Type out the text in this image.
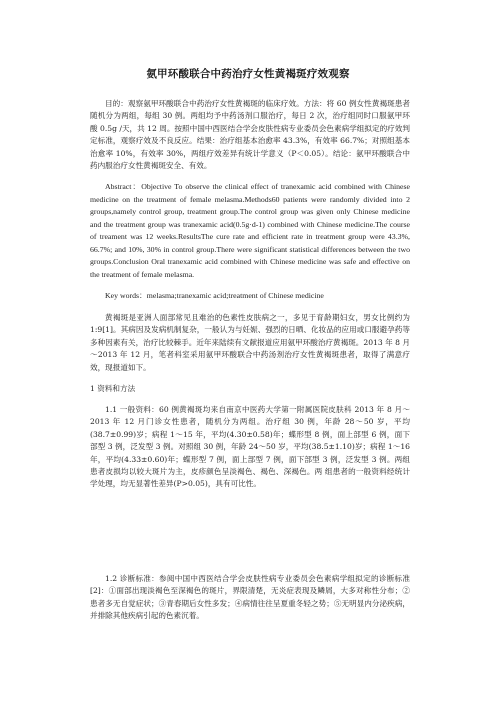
氨甲环酸联合中药治疗女性黄褐斑疗效观察
目的：观察氨甲环酸联合中药治疗女性黄褐斑的临床疗效。方法：将 60 例女性黄褐斑患者随机分为两组，每组 30 例。两组均予中药汤剂口服治疗，每日 2 次，治疗组同时口服氨甲环酸 0.5g /天，共 12 周。按照中国中西医结合学会皮肤性病专业委员会色素病学组拟定的疗效判定标准，观察疗效及不良反应。结果：治疗组基本治愈率 43.3%，有效率 66.7%；对照组基本治愈率 10%，有效率 30%，两组疗效差异有统计学意义（P＜0.05）。结论：氨甲环酸联合中药内服治疗女性黄褐斑安全、有效。
Abstract：Objective To observe the clinical effect of tranexamic acid combined with Chinese medicine on the treatment of female melasma.Methods60 patients were randomly divided into 2 groups,namely control group, treatment group.The control group was given only Chinese medicine and the treatment group was tranexamic acid(0.5g·d-1) combined with Chinese medicine.The course of treament was 12 weeks.ResultsThe cure rate and efficient rate in treatment group were 43.3%, 66.7%; and 10%, 30% in control group.There were significant statistical differences between the two groups.Conclusion Oral tranexamic acid combined with Chinese medicine was safe and effective on the treatment of female melasma.
Key words：melasma;tranexamic acid;treatment of Chinese medicine
黄褐斑是亚洲人面部常见且难治的色素性皮肤病之一，多见于育龄期妇女，男女比例约为 1:9[1]。其病因及发病机制复杂，一般认为与妊娠、强烈的日晒、化妆品的应用或口服避孕药等多种因素有关，治疗比较棘手。近年来陆续有文献报道应用氨甲环酸治疗黄褐斑。2013 年 8 月～2013 年 12 月，笔者科室采用氨甲环酸联合中药汤剂治疗女性黄褐斑患者，取得了满意疗效，现报道如下。
1 资料和方法
1.1 一般资料：60 例黄褐斑均来自南京中医药大学第一附属医院皮肤科 2013 年 8 月～2013 年 12 月门诊女性患者，随机分为两组。治疗组 30 例，年龄 28～50 岁，平均(38.7±0.99)岁；病程 1～15 年，平均(4.30±0.58)年；蝶形型 8 例，面上部型 6 例，面下部型 3 例，泛发型 3 例。对照组 30 例，年龄 24～50 岁，平均(38.5±1.10)岁；病程 1～16 年，平均(4.33±0.60)年；蝶形型 7 例，面上部型 7 例，面下部型 3 例，泛发型 3 例。两组患者皮损均以较大斑片为主，皮疹颜色呈淡褐色、褐色、深褐色。两 组患者的一般资料经统计学处理，均无显著性差异(P>0.05)，具有可比性。
1.2 诊断标准：参阅中国中西医结合学会皮肤性病专业委员会色素病学组拟定的诊断标准[2]：①面部出现淡褐色至深褐色的斑片，界限清楚，无炎症表现及鳞屑，大多对称性分布；②患者多无自觉症状；③青春期后女性多发；④病情往往呈夏重冬轻之势；⑤无明显内分泌疾病，并排除其他疾病引起的色素沉着。
